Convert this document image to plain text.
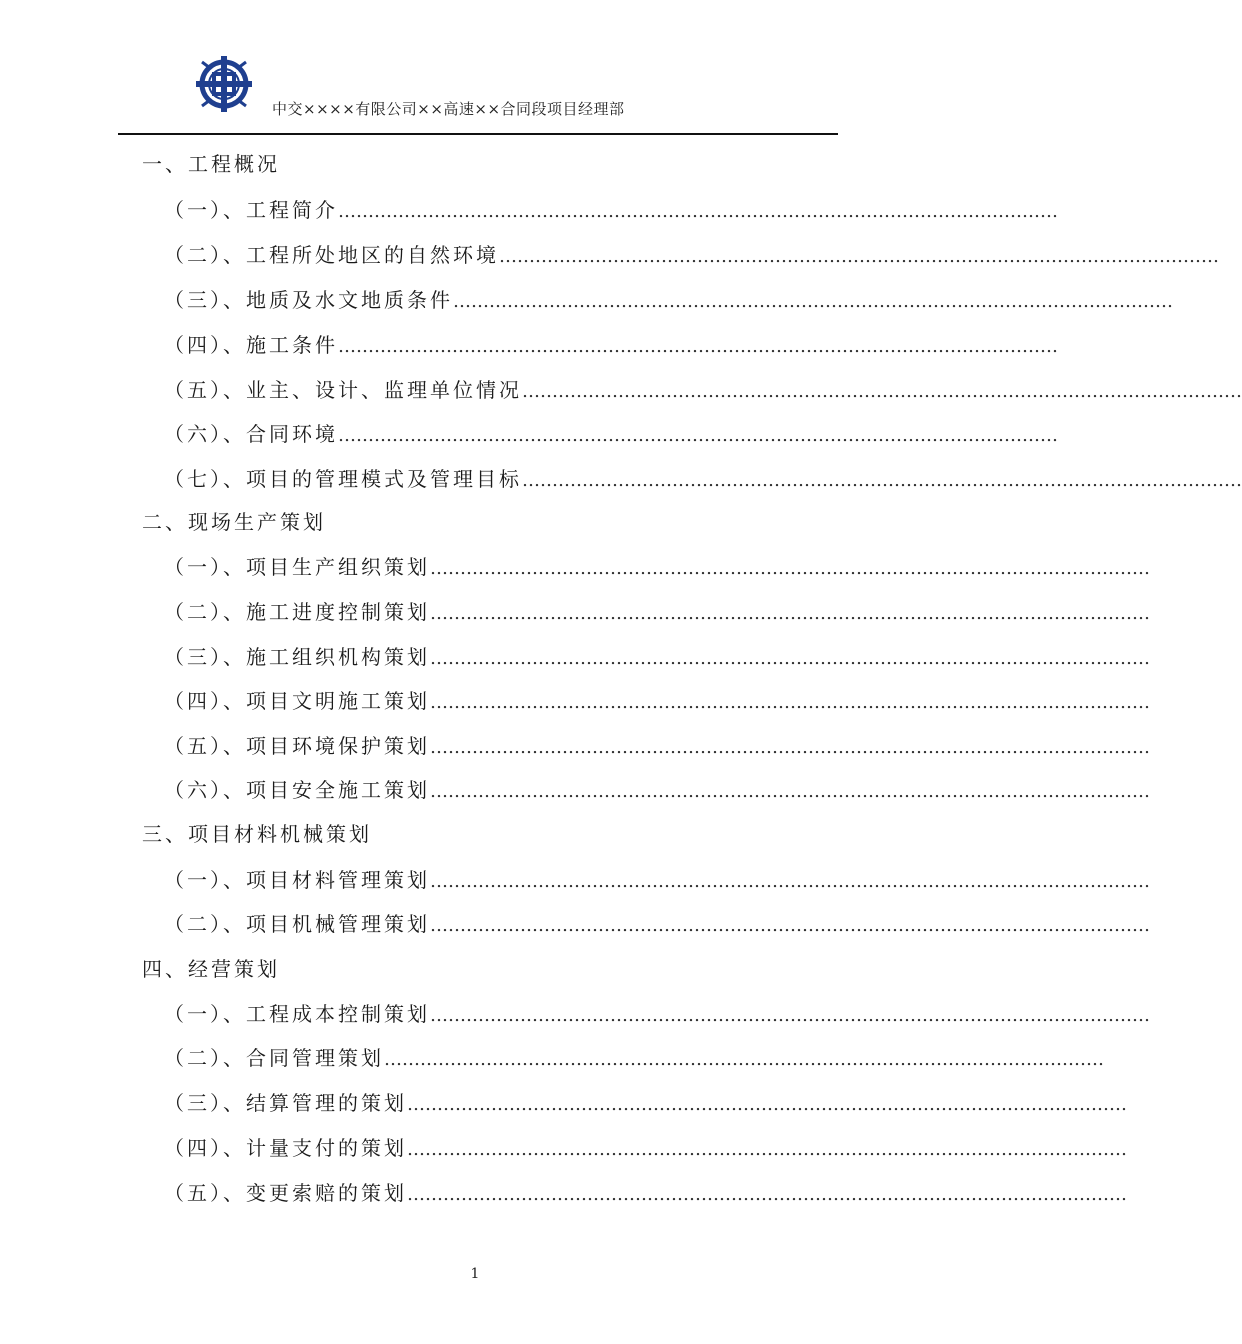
中交××××有限公司××高速××合同段项目经理部
一、工程概况
（一）、工程简介 …………………………………………………………………………………………………………
（二）、工程所处地区的自然环境 …………………………………………………………………………………………………………
（三）、地质及水文地质条件 …………………………………………………………………………………………………………
（四）、施工条件 …………………………………………………………………………………………………………
（五）、业主、设计、监理单位情况 …………………………………………………………………………………………………………
（六）、合同环境 …………………………………………………………………………………………………………
（七）、项目的管理模式及管理目标 …………………………………………………………………………………………………………
二、现场生产策划
（一）、项目生产组织策划 …………………………………………………………………………………………………………
（二）、施工进度控制策划 …………………………………………………………………………………………………………
（三）、施工组织机构策划 …………………………………………………………………………………………………………
（四）、项目文明施工策划 …………………………………………………………………………………………………………
（五）、项目环境保护策划 …………………………………………………………………………………………………………
（六）、项目安全施工策划 …………………………………………………………………………………………………………
三、项目材料机械策划
（一）、项目材料管理策划 …………………………………………………………………………………………………………
（二）、项目机械管理策划 …………………………………………………………………………………………………………
四、经营策划
（一）、工程成本控制策划 …………………………………………………………………………………………………………
（二）、合同管理策划 …………………………………………………………………………………………………………
（三）、结算管理的策划 …………………………………………………………………………………………………………
（四）、计量支付的策划 …………………………………………………………………………………………………………
（五）、变更索赔的策划 …………………………………………………………………………………………………………
1
